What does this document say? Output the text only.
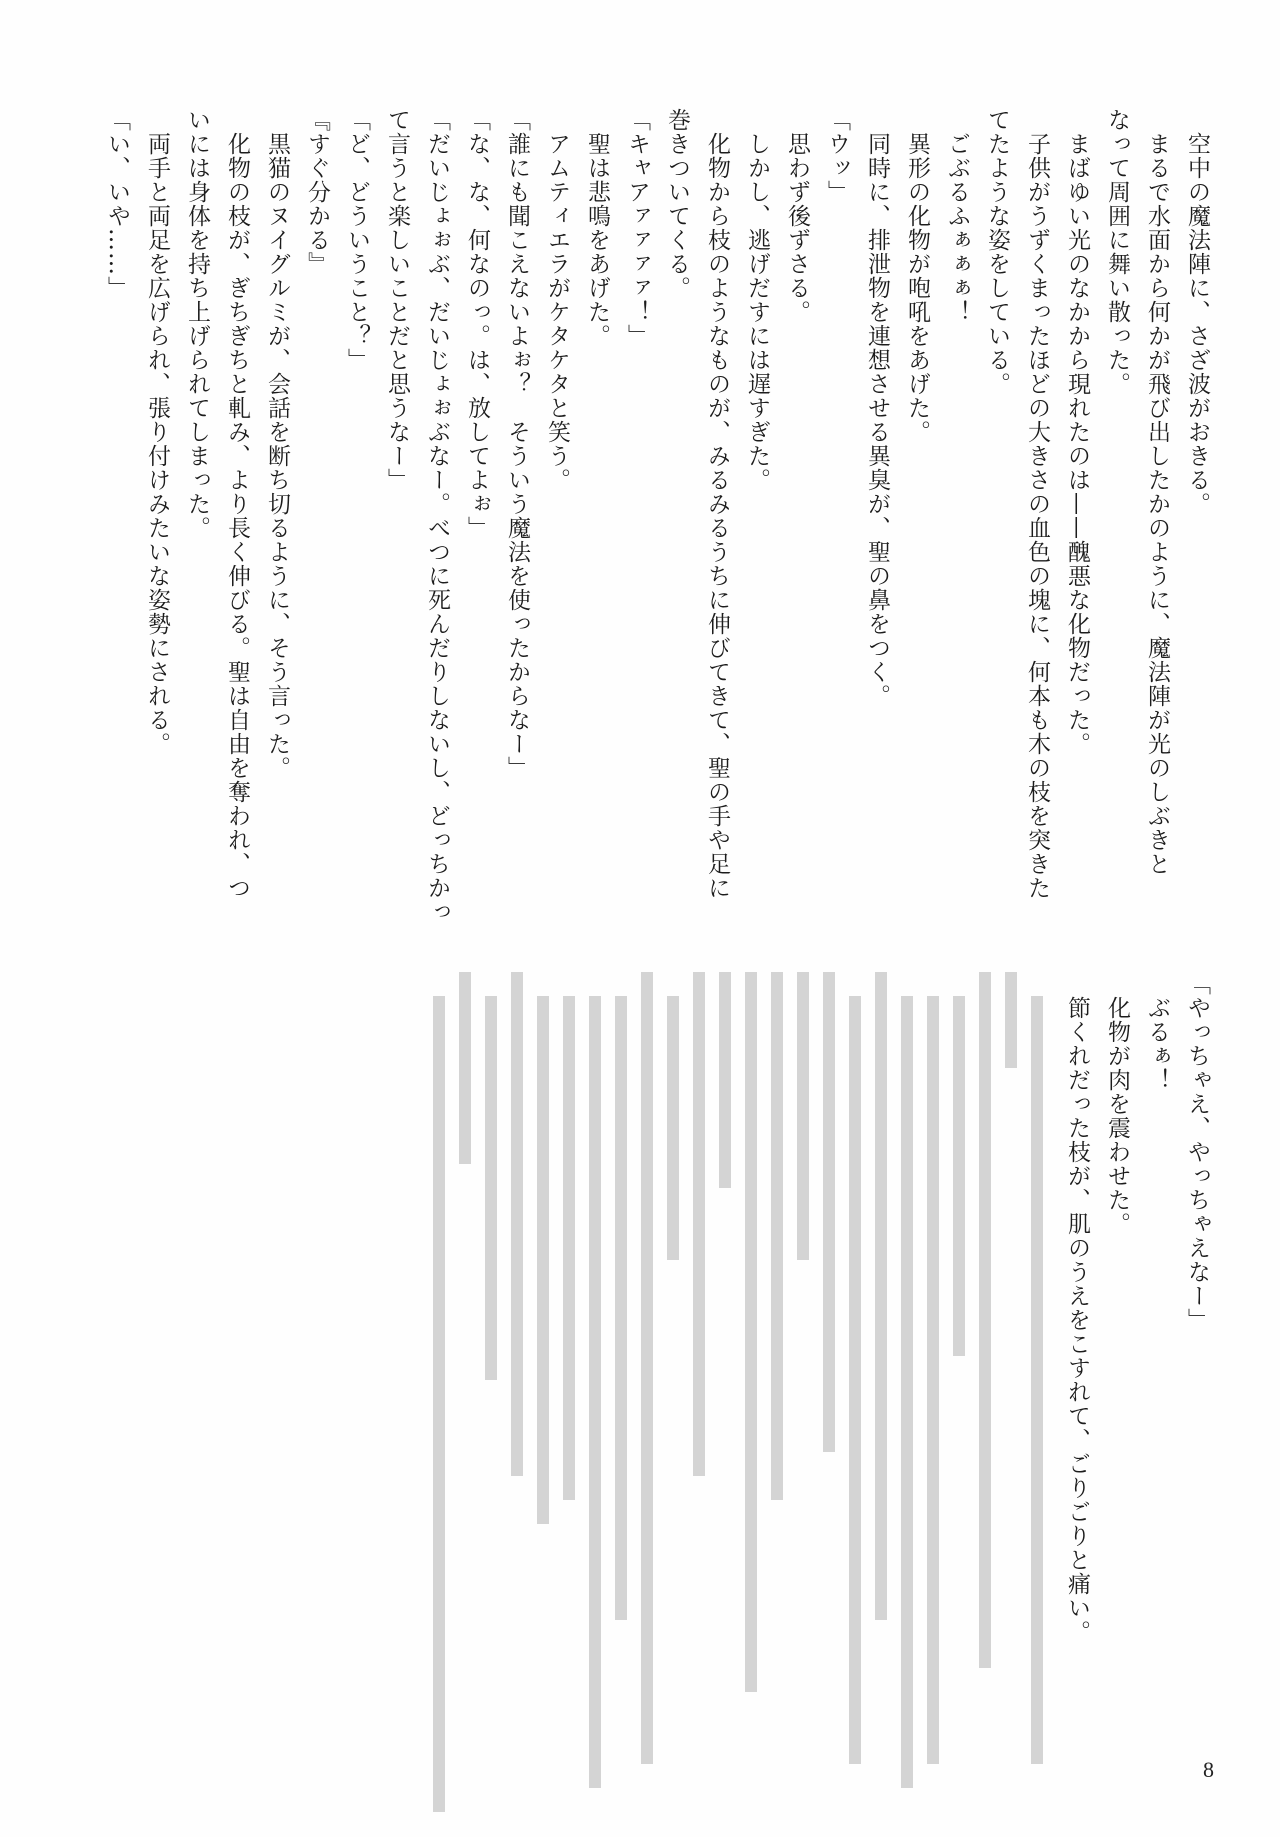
空中の魔法陣に、さざ波がおきる。
まるで水面から何かが飛び出したかのように、魔法陣が光のしぶきと
なって周囲に舞い散った。
まばゆい光のなかから現れたのは——醜悪な化物だった。
子供がうずくまったほどの大きさの血色の塊に、何本も木の枝を突きた
てたような姿をしている。
ごぶるふぁぁぁ！
異形の化物が咆吼をあげた。
同時に、排泄物を連想させる異臭が、聖の鼻をつく。
「ウッ」
思わず後ずさる。
しかし、逃げだすには遅すぎた。
化物から枝のようなものが、みるみるうちに伸びてきて、聖の手や足に
巻きついてくる。
「キャアァァァァ！」
聖は悲鳴をあげた。
アムティエラがケタケタと笑う。
「誰にも聞こえないよぉ？　そういう魔法を使ったからなー」
「な、な、何なのっ。は、放してよぉ」
「だいじょぉぶ、だいじょぉぶなー。べつに死んだりしないし、どっちかっ
て言うと楽しいことだと思うなー」
「ど、どういうこと？」
『すぐ分かる』
黒猫のヌイグルミが、会話を断ち切るように、そう言った。
化物の枝が、ぎちぎちと軋み、より長く伸びる。聖は自由を奪われ、つ
いには身体を持ち上げられてしまった。
両手と両足を広げられ、張り付けみたいな姿勢にされる。
「い、いや……」
「やっちゃえ、やっちゃえなー」
ぶるぁ！
化物が肉を震わせた。
節くれだった枝が、肌のうえをこすれて、ごりごりと痛い。
8
